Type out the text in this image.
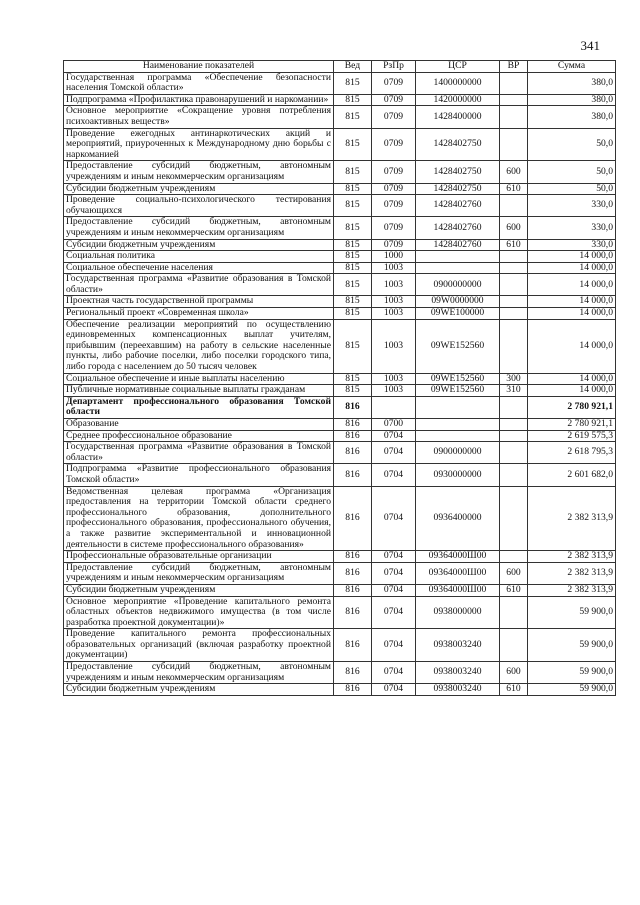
341
Наименование показателей	Вед	РзПр	ЦСР	ВР	Сумма
Государственная программа «Обеспечение безопасности населения Томской области»	815	0709	1400000000		380,0
Подпрограмма «Профилактика правонарушений и наркомании»	815	0709	1420000000		380,0
Основное мероприятие «Сокращение уровня потребления психоактивных веществ»	815	0709	1428400000		380,0
Проведение ежегодных антинаркотических акций и мероприятий, приуроченных к Международному дню борьбы с наркоманией	815	0709	1428402750		50,0
Предоставление субсидий бюджетным, автономным учреждениям и иным некоммерческим организациям	815	0709	1428402750	600	50,0
Субсидии бюджетным учреждениям	815	0709	1428402750	610	50,0
Проведение социально-психологического тестирования обучающихся	815	0709	1428402760		330,0
Предоставление субсидий бюджетным, автономным учреждениям и иным некоммерческим организациям	815	0709	1428402760	600	330,0
Субсидии бюджетным учреждениям	815	0709	1428402760	610	330,0
Социальная политика	815	1000			14 000,0
Социальное обеспечение населения	815	1003			14 000,0
Государственная программа «Развитие образования в Томской области»	815	1003	0900000000		14 000,0
Проектная часть государственной программы	815	1003	09W0000000		14 000,0
Региональный проект «Современная школа»	815	1003	09WE100000		14 000,0
Обеспечение реализации мероприятий по осуществлению единовременных компенсационных выплат учителям, прибывшим (переехавшим) на работу в сельские населенные пункты, либо рабочие поселки, либо поселки городского типа, либо города с населением до 50 тысяч человек	815	1003	09WE152560		14 000,0
Социальное обеспечение и иные выплаты населению	815	1003	09WE152560	300	14 000,0
Публичные нормативные социальные выплаты гражданам	815	1003	09WE152560	310	14 000,0
Департамент профессионального образования Томской области	816				2 780 921,1
Образование	816	0700			2 780 921,1
Среднее профессиональное образование	816	0704			2 619 575,3
Государственная программа «Развитие образования в Томской области»	816	0704	0900000000		2 618 795,3
Подпрограмма «Развитие профессионального образования Томской области»	816	0704	0930000000		2 601 682,0
Ведомственная целевая программа «Организация предоставления на территории Томской области среднего профессионального образования, дополнительного профессионального образования, профессионального обучения, а также развитие экспериментальной и инновационной деятельности в системе профессионального образования»	816	0704	0936400000		2 382 313,9
Профессиональные образовательные организации	816	0704	09364000Ш00		2 382 313,9
Предоставление субсидий бюджетным, автономным учреждениям и иным некоммерческим организациям	816	0704	09364000Ш00	600	2 382 313,9
Субсидии бюджетным учреждениям	816	0704	09364000Ш00	610	2 382 313,9
Основное мероприятие «Проведение капитального ремонта областных объектов недвижимого имущества (в том числе разработка проектной документации)»	816	0704	0938000000		59 900,0
Проведение капитального ремонта профессиональных образовательных организаций (включая разработку проектной документации)	816	0704	0938003240		59 900,0
Предоставление субсидий бюджетным, автономным учреждениям и иным некоммерческим организациям	816	0704	0938003240	600	59 900,0
Субсидии бюджетным учреждениям	816	0704	0938003240	610	59 900,0
